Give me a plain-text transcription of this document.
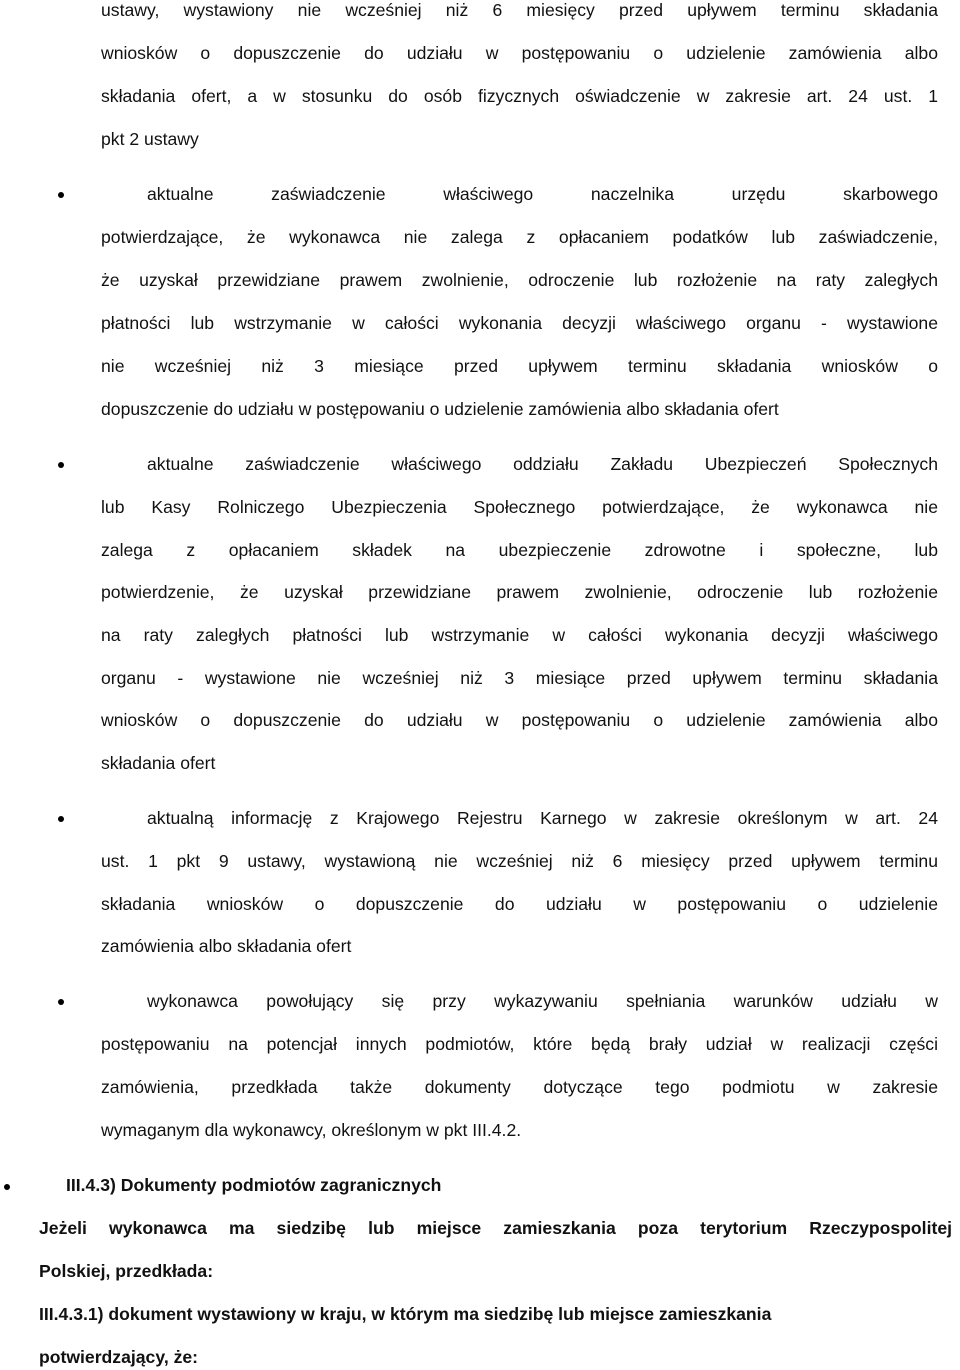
ustawy, wystawiony nie wcześniej niż 6 miesięcy przed upływem terminu składania
wniosków o dopuszczenie do udziału w postępowaniu o udzielenie zamówienia albo
składania ofert, a w stosunku do osób fizycznych oświadczenie w zakresie art. 24 ust. 1
pkt 2 ustawy
aktualne zaświadczenie właściwego naczelnika urzędu skarbowego
potwierdzające, że wykonawca nie zalega z opłacaniem podatków lub zaświadczenie,
że uzyskał przewidziane prawem zwolnienie, odroczenie lub rozłożenie na raty zaległych
płatności lub wstrzymanie w całości wykonania decyzji właściwego organu - wystawione
nie wcześniej niż 3 miesiące przed upływem terminu składania wniosków o
dopuszczenie do udziału w postępowaniu o udzielenie zamówienia albo składania ofert
aktualne zaświadczenie właściwego oddziału Zakładu Ubezpieczeń Społecznych
lub Kasy Rolniczego Ubezpieczenia Społecznego potwierdzające, że wykonawca nie
zalega z opłacaniem składek na ubezpieczenie zdrowotne i społeczne, lub
potwierdzenie, że uzyskał przewidziane prawem zwolnienie, odroczenie lub rozłożenie
na raty zaległych płatności lub wstrzymanie w całości wykonania decyzji właściwego
organu - wystawione nie wcześniej niż 3 miesiące przed upływem terminu składania
wniosków o dopuszczenie do udziału w postępowaniu o udzielenie zamówienia albo
składania ofert
aktualną informację z Krajowego Rejestru Karnego w zakresie określonym w art. 24
ust. 1 pkt 9 ustawy, wystawioną nie wcześniej niż 6 miesięcy przed upływem terminu
składania wniosków o dopuszczenie do udziału w postępowaniu o udzielenie
zamówienia albo składania ofert
wykonawca powołujący się przy wykazywaniu spełniania warunków udziału w
postępowaniu na potencjał innych podmiotów, które będą brały udział w realizacji części
zamówienia, przedkłada także dokumenty dotyczące tego podmiotu w zakresie
wymaganym dla wykonawcy, określonym w pkt III.4.2.
III.4.3) Dokumenty podmiotów zagranicznych
Jeżeli wykonawca ma siedzibę lub miejsce zamieszkania poza terytorium Rzeczypospolitej
Polskiej, przedkłada:
III.4.3.1) dokument wystawiony w kraju, w którym ma siedzibę lub miejsce zamieszkania
potwierdzający, że:
